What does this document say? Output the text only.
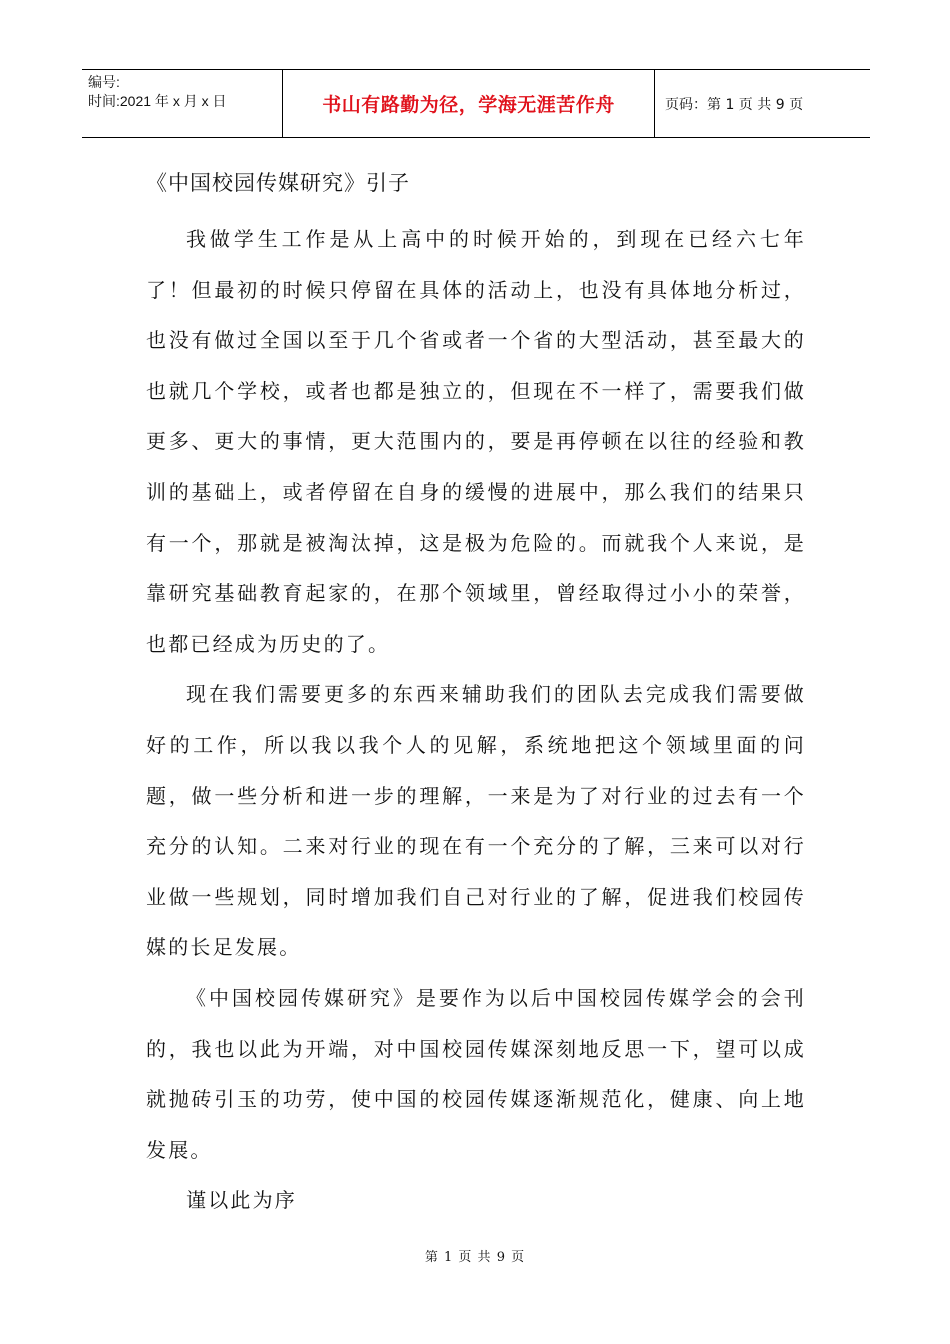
编号:
时间:2021 年 x 月 x 日	书山有路勤为径，学海无涯苦作舟	页码：第 1 页 共 9 页
《中国校园传媒研究》引子

我做学生工作是从上高中的时候开始的，到现在已经六七年了！但最初的时候只停留在具体的活动上，也没有具体地分析过，也没有做过全国以至于几个省或者一个省的大型活动，甚至最大的也就几个学校，或者也都是独立的，但现在不一样了，需要我们做更多、更大的事情，更大范围内的，要是再停顿在以往的经验和教训的基础上，或者停留在自身的缓慢的进展中，那么我们的结果只有一个，那就是被淘汰掉，这是极为危险的。而就我个人来说，是靠研究基础教育起家的，在那个领域里，曾经取得过小小的荣誉，也都已经成为历史的了。

现在我们需要更多的东西来辅助我们的团队去完成我们需要做好的工作，所以我以我个人的见解，系统地把这个领域里面的问题，做一些分析和进一步的理解，一来是为了对行业的过去有一个充分的认知。二来对行业的现在有一个充分的了解，三来可以对行业做一些规划，同时增加我们自己对行业的了解，促进我们校园传媒的长足发展。

《中国校园传媒研究》是要作为以后中国校园传媒学会的会刊的，我也以此为开端，对中国校园传媒深刻地反思一下，望可以成就抛砖引玉的功劳，使中国的校园传媒逐渐规范化，健康、向上地发展。

谨以此为序

第 1 页 共 9 页
